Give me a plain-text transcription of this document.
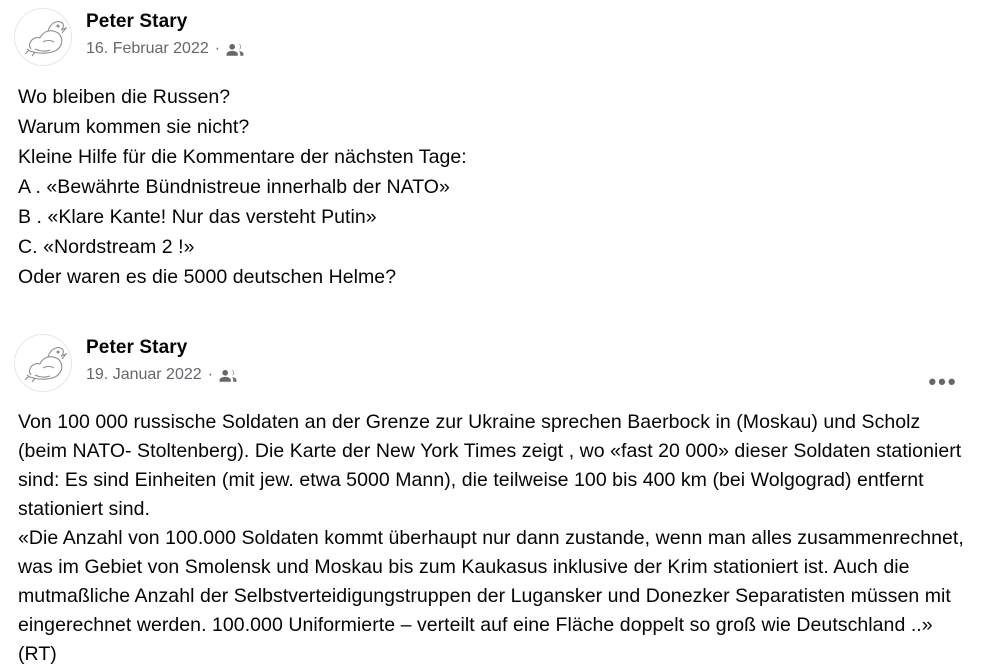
Peter Stary
16. Februar 2022 ·

Wo bleiben die Russen?

Warum kommen sie nicht?

Kleine Hilfe für die Kommentare der nächsten Tage:

A . «Bewährte Bündnistreue innerhalb der NATO»

B . «Klare Kante! Nur das versteht Putin»

C. «Nordstream 2 !»

Oder waren es die 5000 deutschen Helme?

Peter Stary
19. Januar 2022 ·	•••

Von 100 000 russische Soldaten an der Grenze zur Ukraine sprechen Baerbock in (Moskau) und Scholz (beim NATO- Stoltenberg). Die Karte der New York Times zeigt , wo «fast 20 000» dieser Soldaten stationiert sind: Es sind Einheiten (mit jew. etwa 5000 Mann), die teilweise 100 bis 400 km (bei Wolgograd) entfernt stationiert sind.

«Die Anzahl von 100.000 Soldaten kommt überhaupt nur dann zustande, wenn man alles zusammenrechnet, was im Gebiet von Smolensk und Moskau bis zum Kaukasus inklusive der Krim stationiert ist. Auch die mutmaßliche Anzahl der Selbstverteidigungstruppen der Lugansker und Donezker Separatisten müssen mit eingerechnet werden. 100.000 Uniformierte – verteilt auf eine Fläche doppelt so groß wie Deutschland ..» (RT)
